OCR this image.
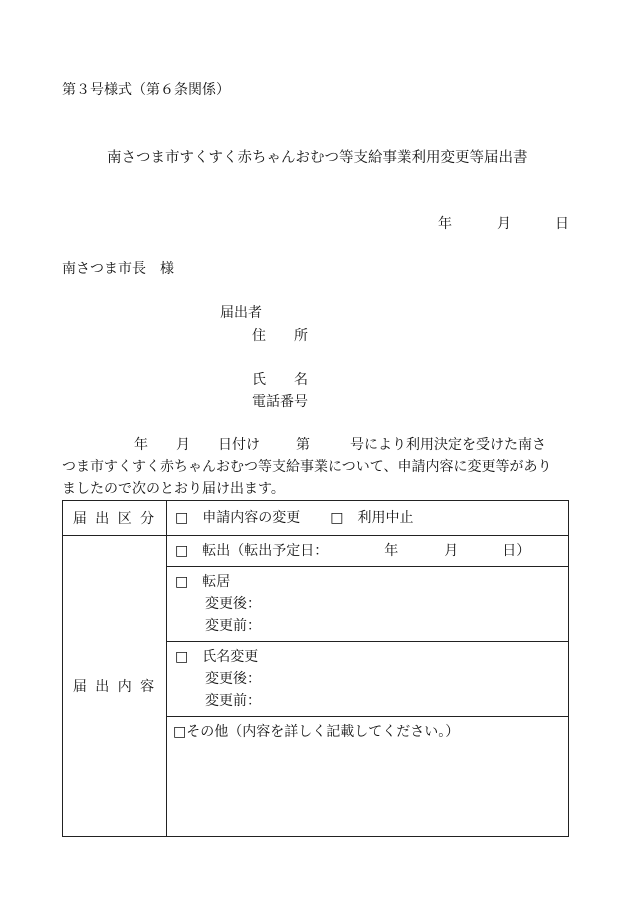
第３号様式（第６条関係）
南さつま市すくすく赤ちゃんおむつ等支給事業利用変更等届出書
年	月	日
南さつま市長　様
届出者
住　　所
氏　　名
電話番号
年 月 日付け	第	号により利用決定を受けた南さ
つま市すくすく赤ちゃんおむつ等支給事業について、申請内容に変更等があり
ましたので次のとおり届け出ます。
届 出 区 分	□ 申請内容の変更 □ 利用中止

届 出 内 容	□ 転出（転出予定日： 年 月 日）

	□ 転居
変更後：
変更前：

	□ 氏名変更
変更後：
変更前：

	□その他（内容を詳しく記載してください。）
